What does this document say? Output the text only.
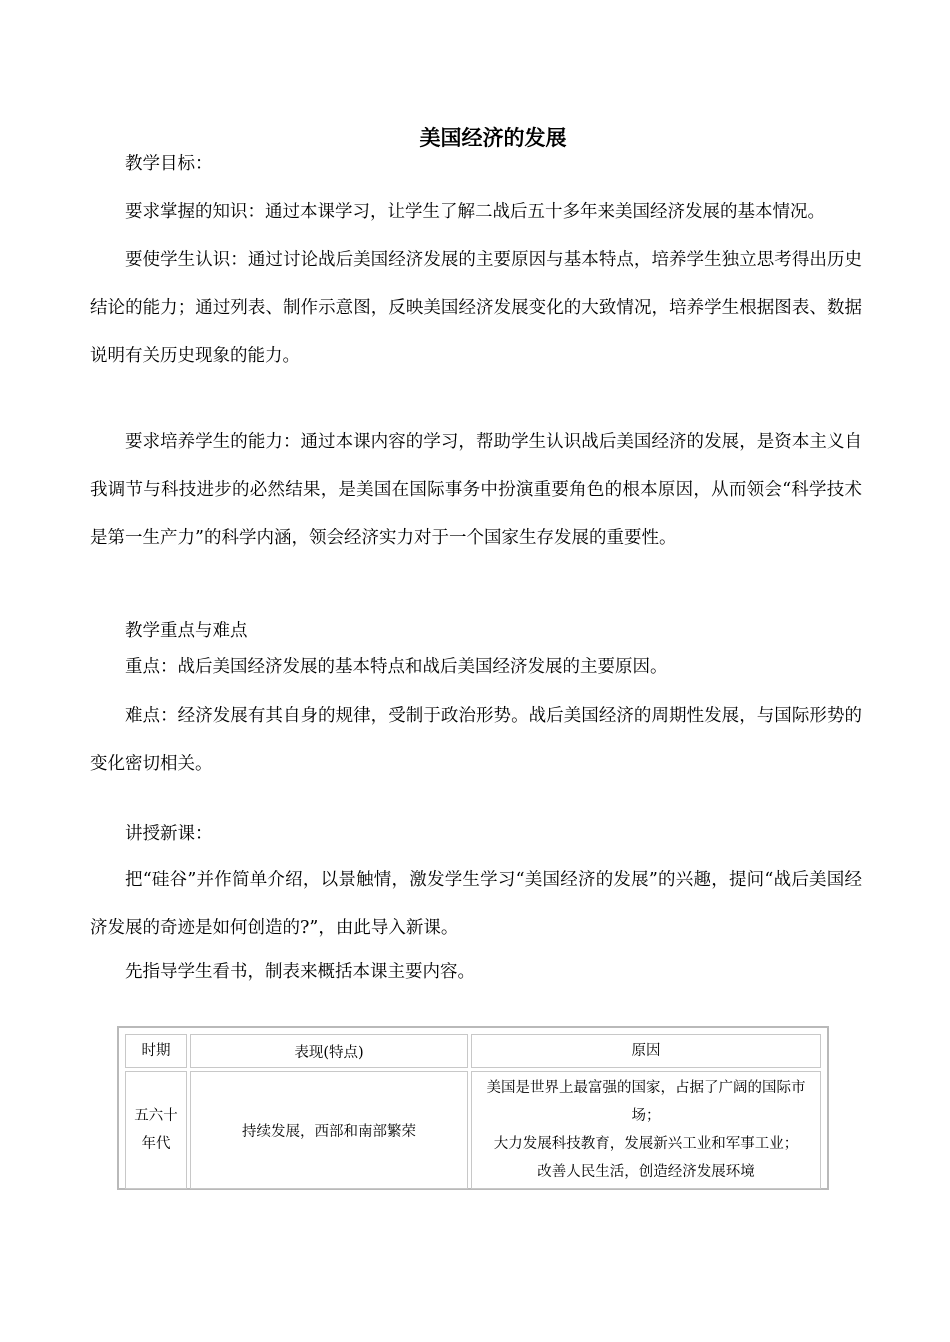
美国经济的发展

教学目标：

要求掌握的知识：通过本课学习，让学生了解二战后五十多年来美国经济发展的基本情况。

要使学生认识：通过讨论战后美国经济发展的主要原因与基本特点，培养学生独立思考得出历史结论的能力；通过列表、制作示意图，反映美国经济发展变化的大致情况，培养学生根据图表、数据说明有关历史现象的能力。

要求培养学生的能力：通过本课内容的学习，帮助学生认识战后美国经济的发展，是资本主义自我调节与科技进步的必然结果，是美国在国际事务中扮演重要角色的根本原因，从而领会“科学技术是第一生产力”的科学内涵，领会经济实力对于一个国家生存发展的重要性。

教学重点与难点

重点：战后美国经济发展的基本特点和战后美国经济发展的主要原因。

难点：经济发展有其自身的规律，受制于政治形势。战后美国经济的周期性发展，与国际形势的变化密切相关。

讲授新课：

把“硅谷”并作简单介绍，以景触情，激发学生学习“美国经济的发展”的兴趣，提问“战后美国经济发展的奇迹是如何创造的?”，由此导入新课。

先指导学生看书，制表来概括本课主要内容。

时期	表现(特点)	原因
五六十年代	持续发展，西部和南部繁荣	美国是世界上最富强的国家，占据了广阔的国际市场；
大力发展科技教育，发展新兴工业和军事工业；
改善人民生活，创造经济发展环境
